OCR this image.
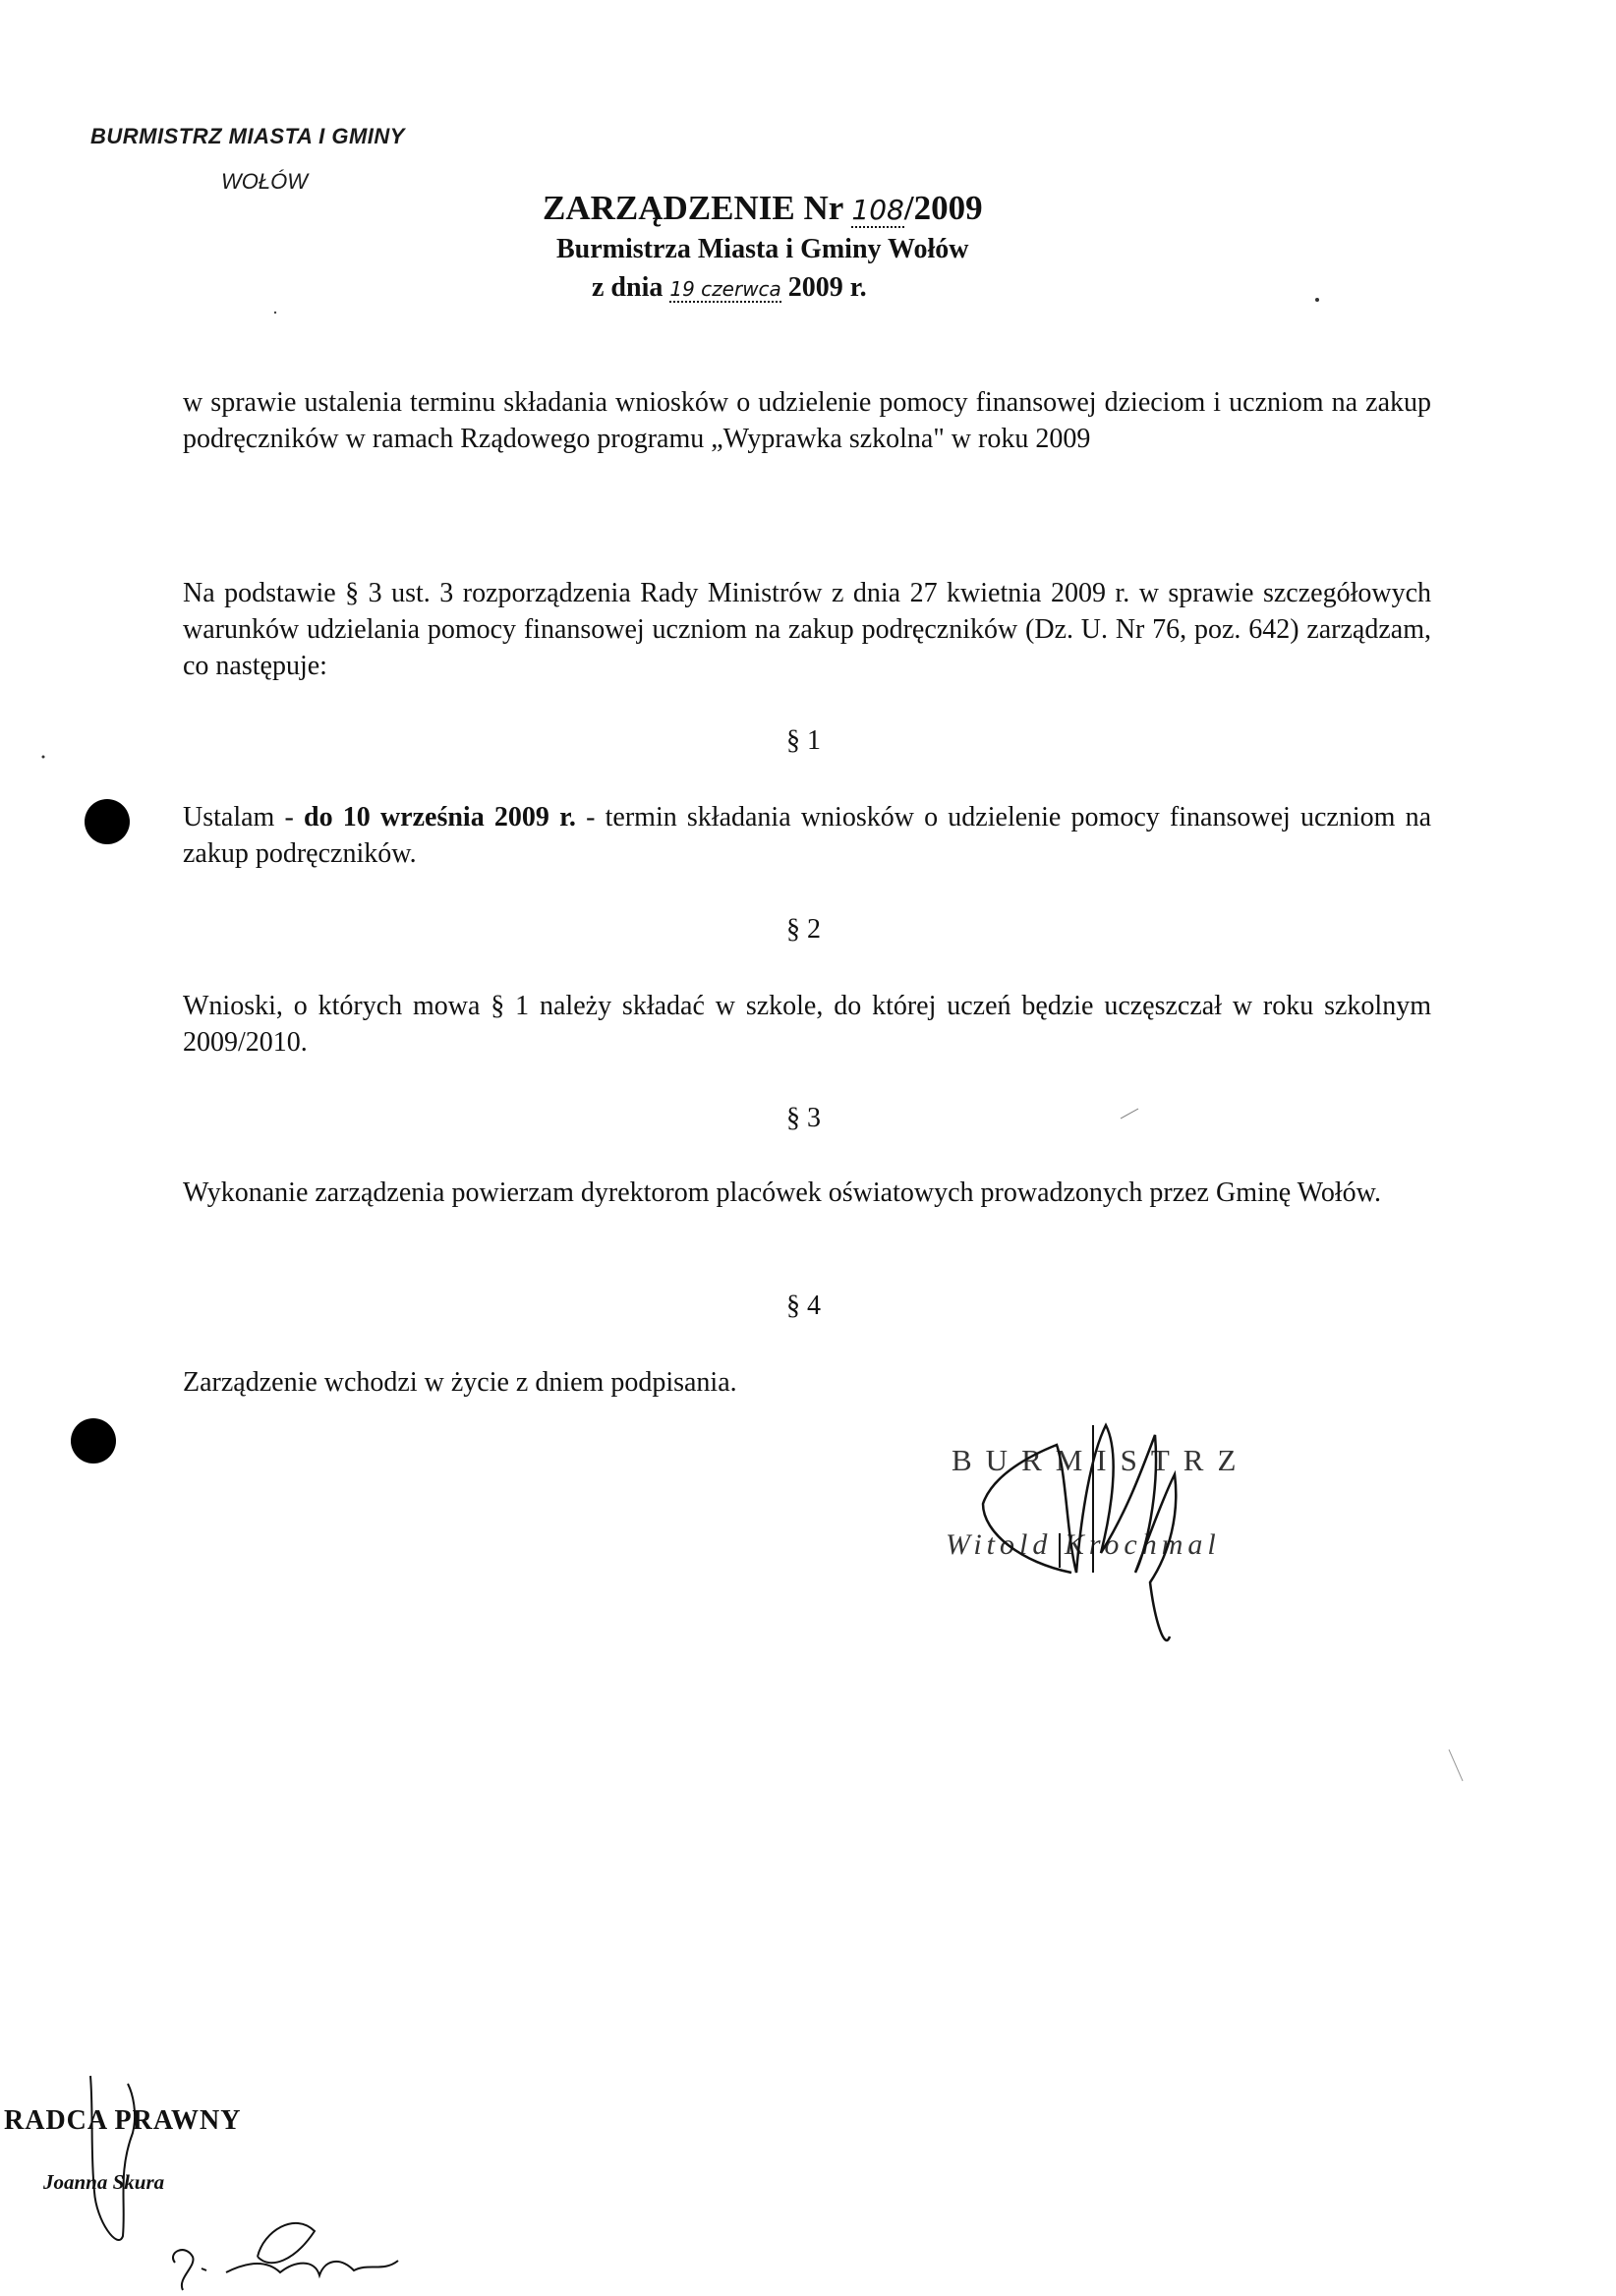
BURMISTRZ MIASTA I GMINY
WOŁÓW
ZARZĄDZENIE Nr 108/2009
Burmistrza Miasta i Gminy Wołów
z dnia 19 czerwca 2009 r.
w sprawie ustalenia terminu składania wniosków o udzielenie pomocy finansowej dzieciom i uczniom na zakup podręczników w ramach Rządowego programu „Wyprawka szkolna" w roku 2009
Na podstawie § 3 ust. 3 rozporządzenia Rady Ministrów z dnia 27 kwietnia 2009 r. w sprawie szczegółowych warunków udzielania pomocy finansowej uczniom na zakup podręczników (Dz. U. Nr 76, poz. 642) zarządzam, co następuje:
§ 1
Ustalam - do 10 września 2009 r. - termin składania wniosków o udzielenie pomocy finansowej uczniom na zakup podręczników.
§ 2
Wnioski, o których mowa § 1 należy składać w szkole, do której uczeń będzie uczęszczał w roku szkolnym 2009/2010.
§ 3
Wykonanie zarządzenia powierzam dyrektorom placówek oświatowych prowadzonych przez Gminę Wołów.
§ 4
Zarządzenie wchodzi w życie z dniem podpisania.
BURMISTRZ
Witold Krochmal
RADCA PRAWNY
Joanna Skura
